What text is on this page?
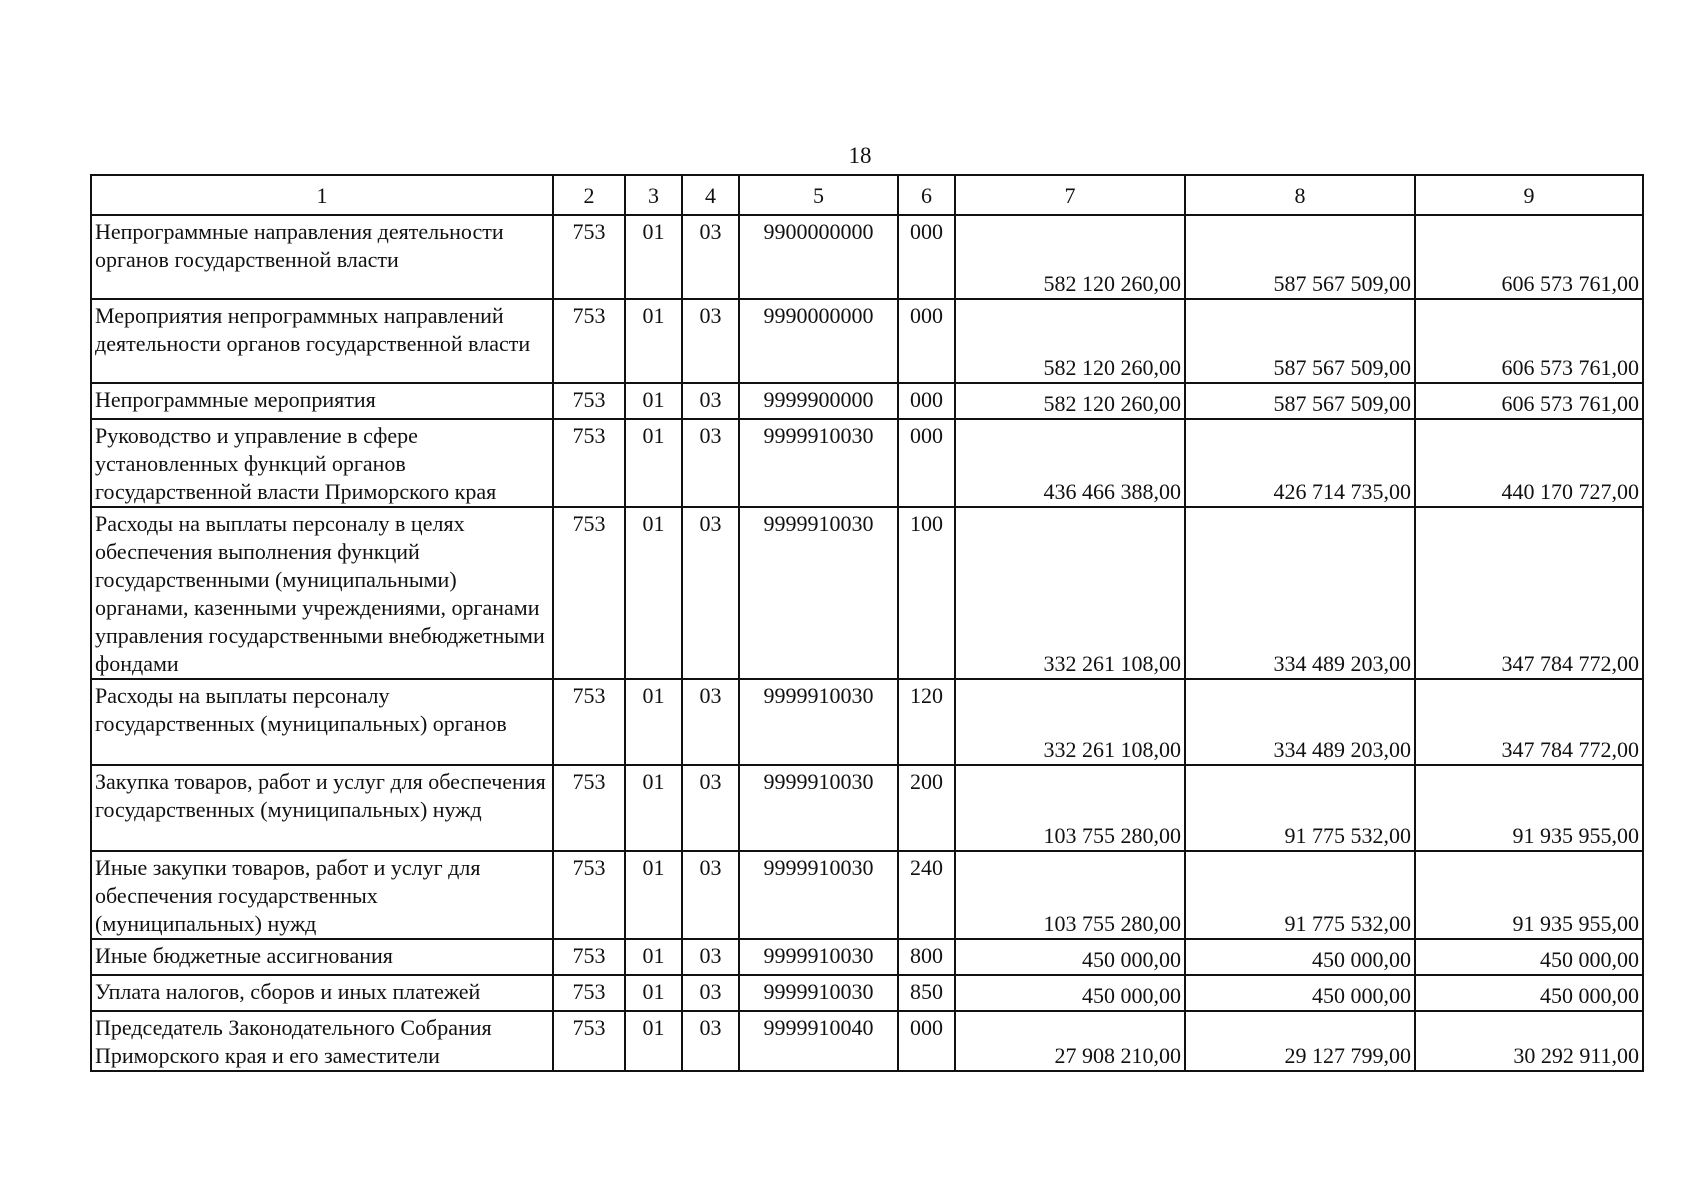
18
1	2	3	4	5	6	7	8	9
Непрограммные направления деятельности органов государственной власти	753	01	03	9900000000	000	582 120 260,00	587 567 509,00	606 573 761,00
Мероприятия непрограммных направлений деятельности органов государственной власти	753	01	03	9990000000	000	582 120 260,00	587 567 509,00	606 573 761,00
Непрограммные мероприятия	753	01	03	9999900000	000	582 120 260,00	587 567 509,00	606 573 761,00
Руководство и управление в сфере установленных функций органов государственной власти Приморского края	753	01	03	9999910030	000	436 466 388,00	426 714 735,00	440 170 727,00
Расходы на выплаты персоналу в целях обеспечения выполнения функций государственными (муниципальными) органами, казенными учреждениями, органами управления государственными внебюджетными фондами	753	01	03	9999910030	100	332 261 108,00	334 489 203,00	347 784 772,00
Расходы на выплаты персоналу государственных (муниципальных) органов	753	01	03	9999910030	120	332 261 108,00	334 489 203,00	347 784 772,00
Закупка товаров, работ и услуг для обеспечения государственных (муниципальных) нужд	753	01	03	9999910030	200	103 755 280,00	91 775 532,00	91 935 955,00
Иные закупки товаров, работ и услуг для обеспечения государственных (муниципальных) нужд	753	01	03	9999910030	240	103 755 280,00	91 775 532,00	91 935 955,00
Иные бюджетные ассигнования	753	01	03	9999910030	800	450 000,00	450 000,00	450 000,00
Уплата налогов, сборов и иных платежей	753	01	03	9999910030	850	450 000,00	450 000,00	450 000,00
Председатель Законодательного Собрания Приморского края и его заместители	753	01	03	9999910040	000	27 908 210,00	29 127 799,00	30 292 911,00
